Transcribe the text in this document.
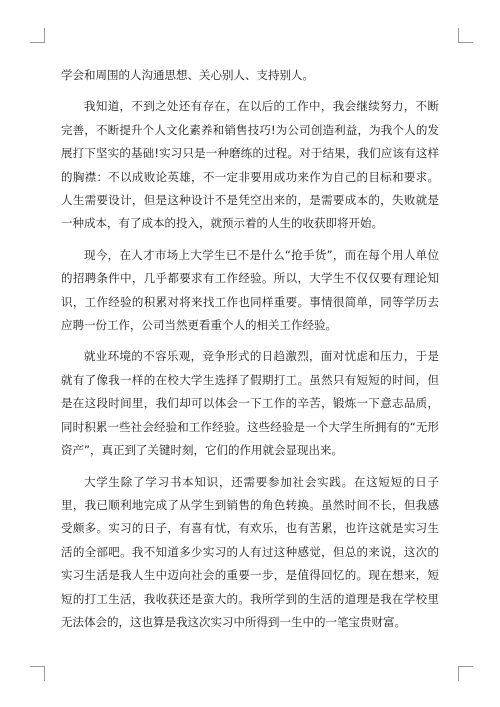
学会和周围的人沟通思想、关心别人、支持别人。

我知道，不到之处还有存在，在以后的工作中，我会继续努力，不断完善，不断提升个人文化素养和销售技巧!为公司创造利益，为我个人的发展打下坚实的基础!实习只是一种磨练的过程。对于结果，我们应该有这样的胸襟：不以成败论英雄，不一定非要用成功来作为自己的目标和要求。人生需要设计，但是这种设计不是凭空出来的，是需要成本的，失败就是一种成本，有了成本的投入，就预示着的人生的收获即将开始。

现今，在人才市场上大学生已不是什么“抢手货”，而在每个用人单位的招聘条件中，几乎都要求有工作经验。所以，大学生不仅仅要有理论知识，工作经验的积累对将来找工作也同样重要。事情很简单，同等学历去应聘一份工作，公司当然更看重个人的相关工作经验。

就业环境的不容乐观，竞争形式的日趋激烈，面对忧虑和压力，于是就有了像我一样的在校大学生选择了假期打工。虽然只有短短的时间，但是在这段时间里，我们却可以体会一下工作的辛苦，锻炼一下意志品质，同时积累一些社会经验和工作经验。这些经验是一个大学生所拥有的“无形资产”，真正到了关键时刻，它们的作用就会显现出来。

大学生除了学习书本知识，还需要参加社会实践。在这短短的日子里，我已顺利地完成了从学生到销售的角色转换。虽然时间不长，但我感受颇多。实习的日子，有喜有忧，有欢乐，也有苦累，也许这就是实习生活的全部吧。我不知道多少实习的人有过这种感觉，但总的来说，这次的实习生活是我人生中迈向社会的重要一步，是值得回忆的。现在想来，短短的打工生活，我收获还是蛮大的。我所学到的生活的道理是我在学校里无法体会的，这也算是我这次实习中所得到一生中的一笔宝贵财富。
